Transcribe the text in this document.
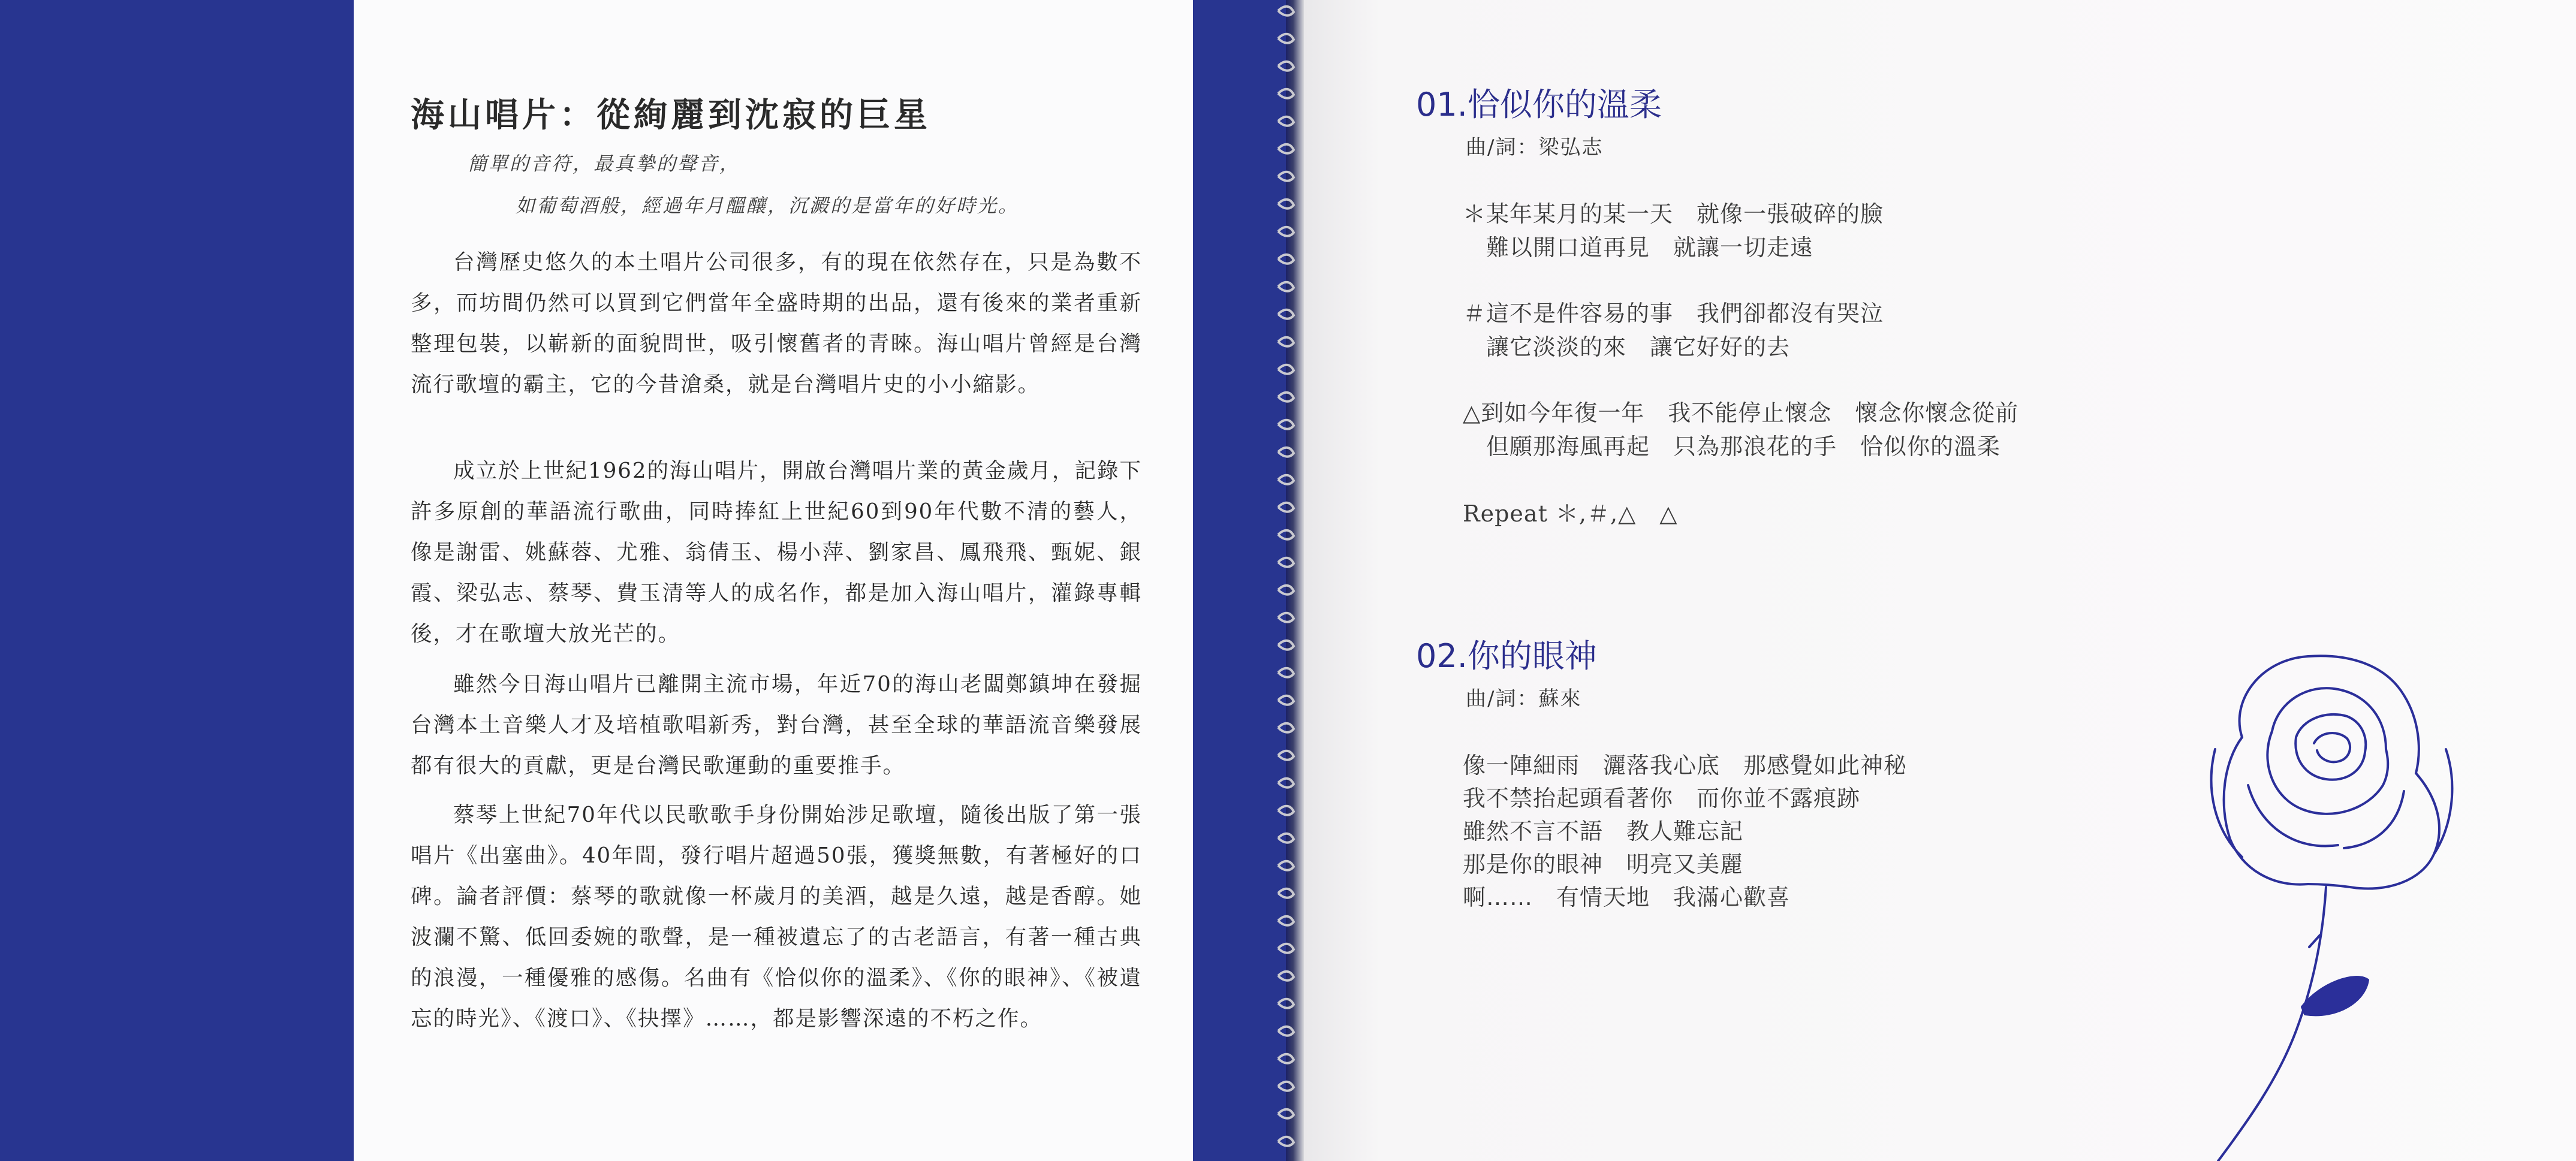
海山唱片：從絢麗到沈寂的巨星
簡單的音符，最真摯的聲音，
如葡萄酒般，經過年月醞釀，沉澱的是當年的好時光。
台灣歷史悠久的本土唱片公司很多，有的現在依然存在，只是為數不多，而坊間仍然可以買到它們當年全盛時期的出品，還有後來的業者重新整理包裝，以嶄新的面貌問世，吸引懷舊者的青睞。海山唱片曾經是台灣流行歌壇的霸主，它的今昔滄桑，就是台灣唱片史的小小縮影。
成立於上世紀1962的海山唱片，開啟台灣唱片業的黃金歲月，記錄下許多原創的華語流行歌曲，同時捧紅上世紀60到90年代數不清的藝人，像是謝雷、姚蘇蓉、尤雅、翁倩玉、楊小萍、劉家昌、鳳飛飛、甄妮、銀霞、梁弘志、蔡琴、費玉清等人的成名作，都是加入海山唱片，灌錄專輯後，才在歌壇大放光芒的。
雖然今日海山唱片已離開主流市場，年近70的海山老闆鄭鎮坤在發掘台灣本土音樂人才及培植歌唱新秀，對台灣，甚至全球的華語流音樂發展都有很大的貢獻，更是台灣民歌運動的重要推手。
蔡琴上世紀70年代以民歌歌手身份開始涉足歌壇，隨後出版了第一張唱片《出塞曲》。40年間，發行唱片超過50張，獲獎無數，有著極好的口碑。論者評價：蔡琴的歌就像一杯歲月的美酒，越是久遠，越是香醇。她波瀾不驚、低回委婉的歌聲，是一種被遺忘了的古老語言，有著一種古典的浪漫，一種優雅的感傷。名曲有《恰似你的溫柔》、《你的眼神》、《被遺忘的時光》、《渡口》、《抉擇》……，都是影響深遠的不朽之作。
01.恰似你的溫柔
曲/詞：梁弘志
＊某年某月的某一天　就像一張破碎的臉
　難以開口道再見　就讓一切走遠
＃這不是件容易的事　我們卻都沒有哭泣
　讓它淡淡的來　讓它好好的去
△到如今年復一年　我不能停止懷念　懷念你懷念從前
　但願那海風再起　只為那浪花的手　恰似你的溫柔
Repeat ＊,＃,△　△
02.你的眼神
曲/詞：蘇來
像一陣細雨　灑落我心底　那感覺如此神秘
我不禁抬起頭看著你　而你並不露痕跡
雖然不言不語　教人難忘記
那是你的眼神　明亮又美麗
啊……　有情天地　我滿心歡喜
